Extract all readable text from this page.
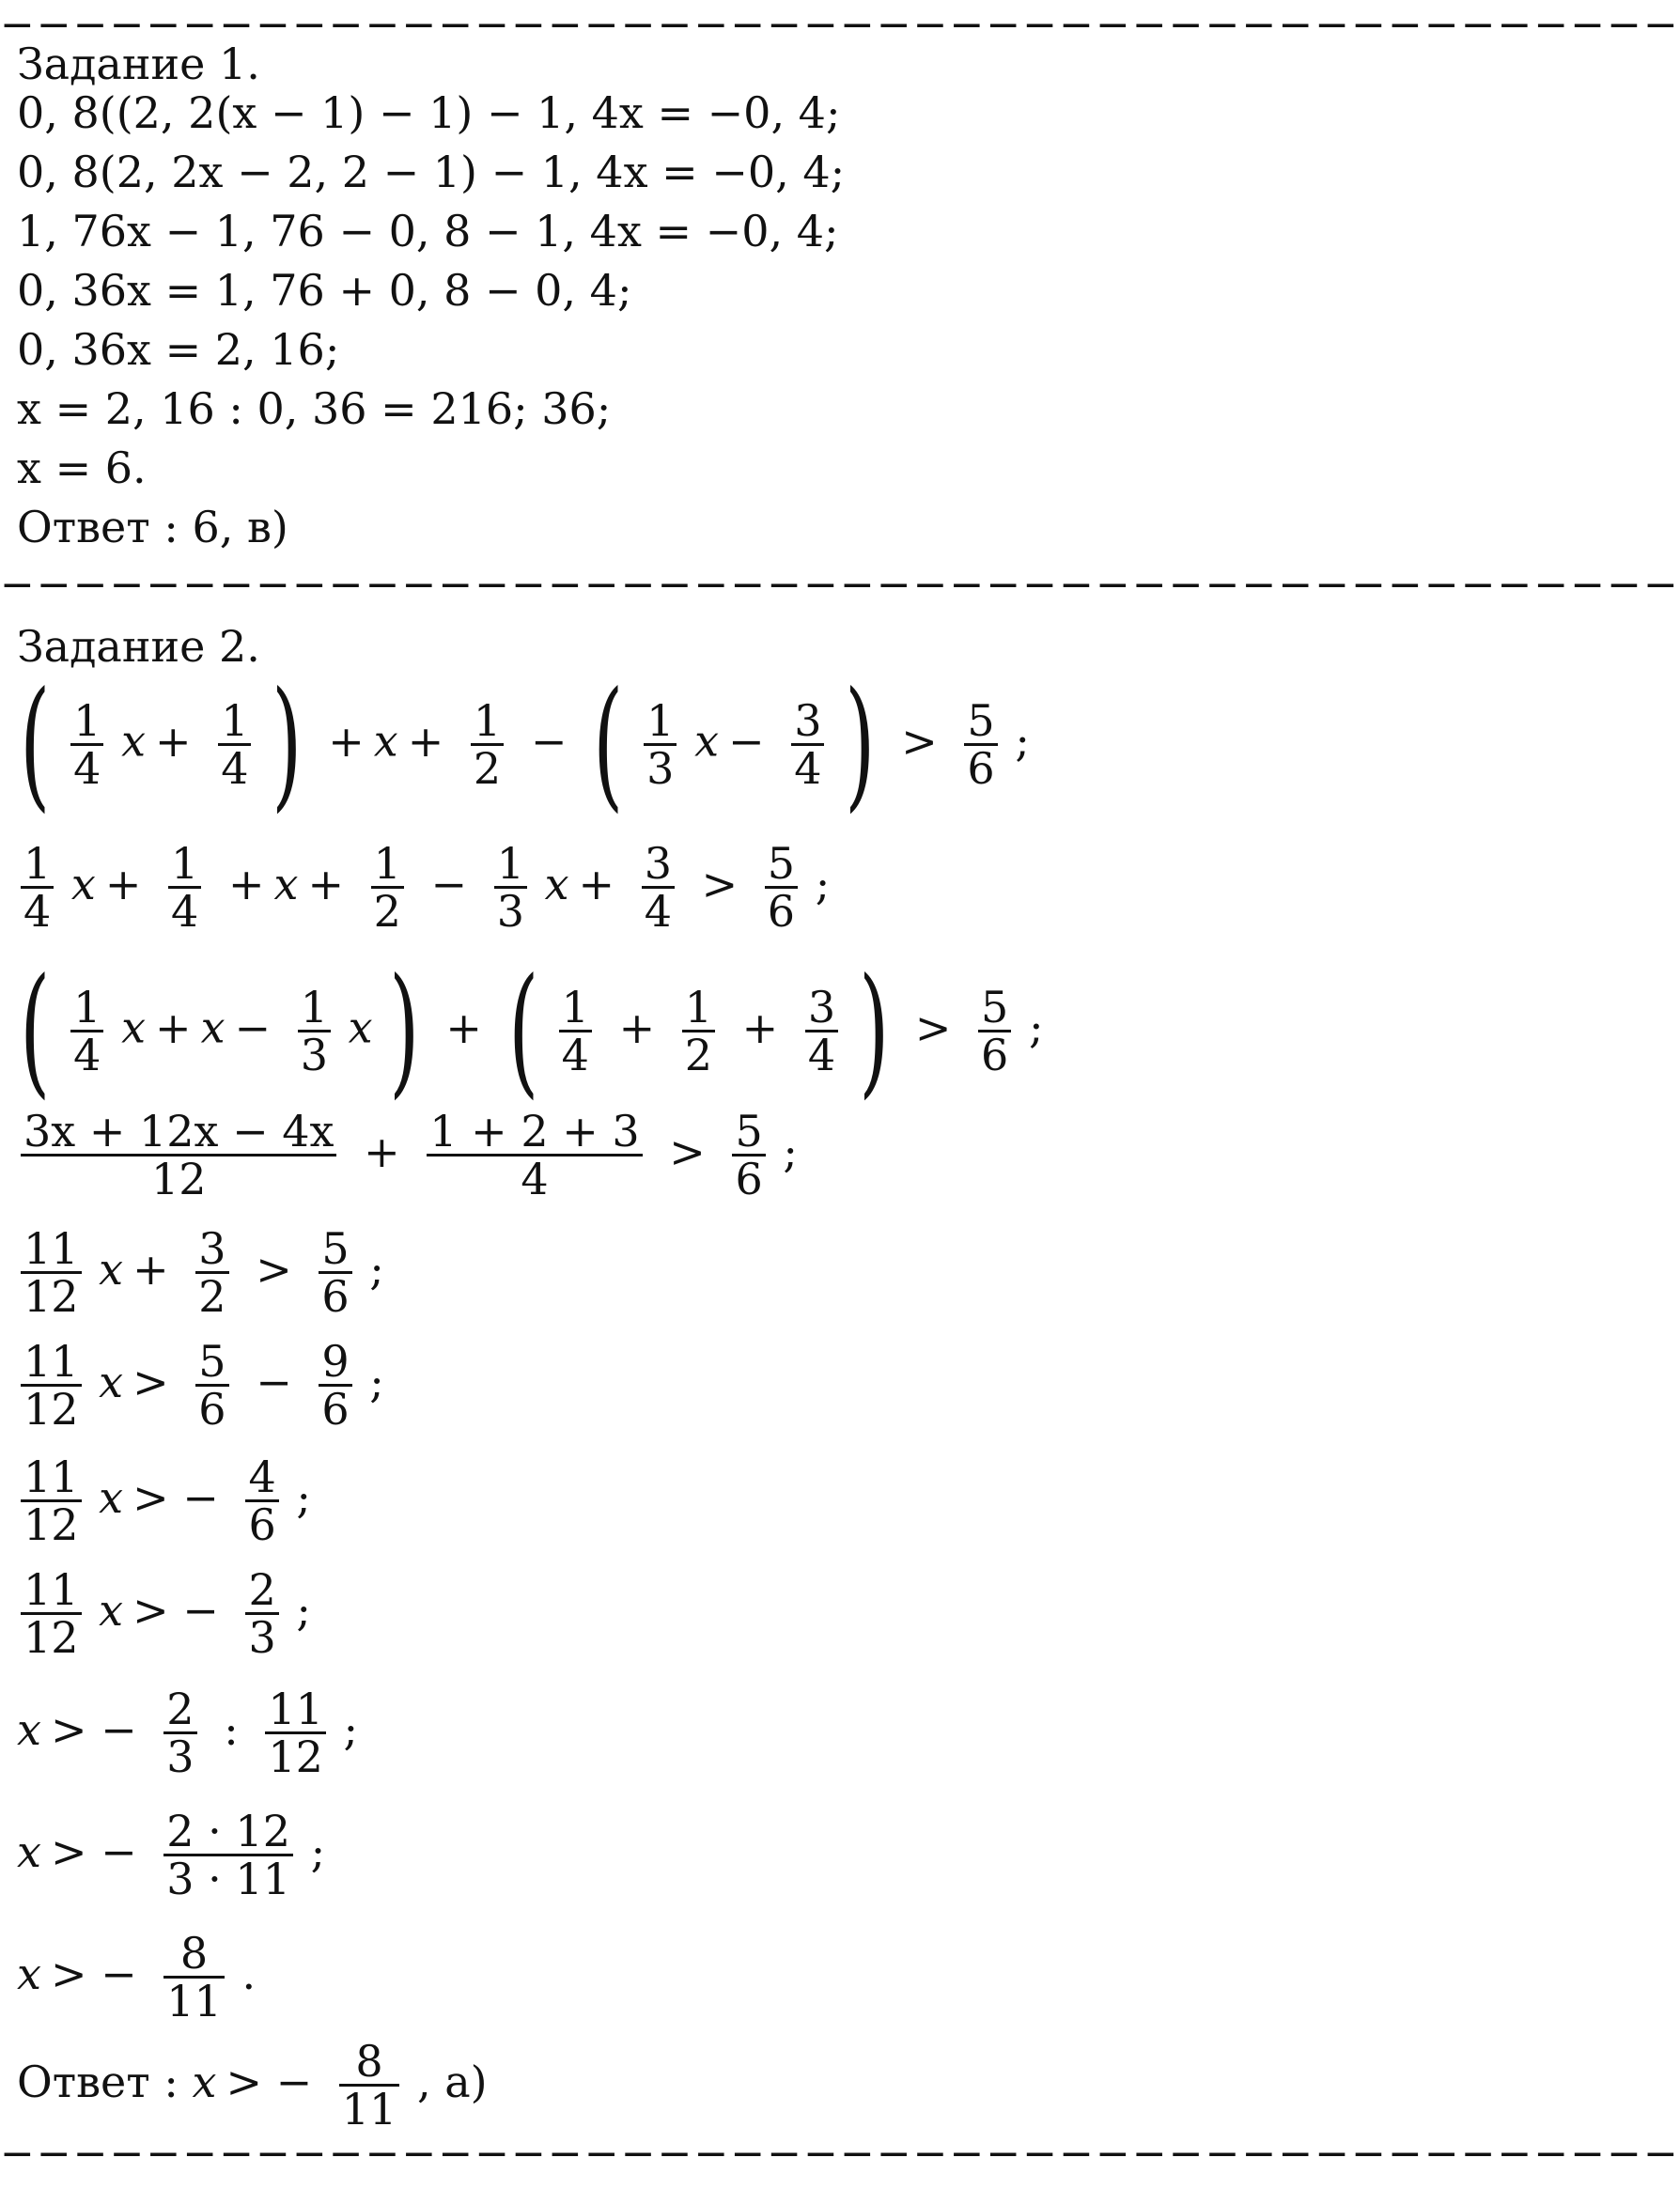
−−−−−−−−−−−−−−−−−−−−−−−−−−−−−−−−−−−−−−−−−−−−−−
Задание 1.
0, 8((2, 2(x − 1) − 1) − 1, 4x = −0, 4;
0, 8(2, 2x − 2, 2 − 1) − 1, 4x = −0, 4;
1, 76x − 1, 76 − 0, 8 − 1, 4x = −0, 4;
0, 36x = 1, 76 + 0, 8 − 0, 4;
0, 36x = 2, 16;
x = 2, 16 : 0, 36 = 216; 36;
x = 6.
Ответ : 6, в)
−−−−−−−−−−−−−−−−−−−−−−−−−−−−−−−−−−−−−−−−−−−−−−
Задание 2.
( $\frac{1}{4}$ $x + \frac{1}{4}$ ) + $x + \frac{1}{2}$ − ( $\frac{1}{3}$ $x - \frac{3}{4}$ ) > $\frac{5}{6}$ ;
$\frac{1}{4}$ $x + \frac{1}{4} + x + \frac{1}{2} - \frac{1}{3}$ $x + \frac{3}{4} > \frac{5}{6}$ ;
( $\frac{1}{4}$ $x + x - \frac{1}{3}$ x ) + ( $\frac{1}{4} + \frac{1}{2} + \frac{3}{4}$ ) > $\frac{5}{6}$ ;
$\frac{3x + 12x - 4x}{12} + \frac{1 + 2 + 3}{4} > \frac{5}{6}$ ;
$\frac{11}{12}$ $x + \frac{3}{2} > \frac{5}{6}$ ;
$\frac{11}{12}$ $x > \frac{5}{6} - \frac{9}{6}$ ;
$\frac{11}{12}$ x > − $\frac{4}{6}$ ;
$\frac{11}{12}$ x > − $\frac{2}{3}$ ;
x > − $\frac{2}{3}$ : $\frac{11}{12}$ ;
x > − $\frac{2 \cdot 12}{3 \cdot 11}$ ;
x > − $\frac{8}{11}$ .
Ответ : x > − $\frac{8}{11}$ , а)
−−−−−−−−−−−−−−−−−−−−−−−−−−−−−−−−−−−−−−−−−−−−−−
